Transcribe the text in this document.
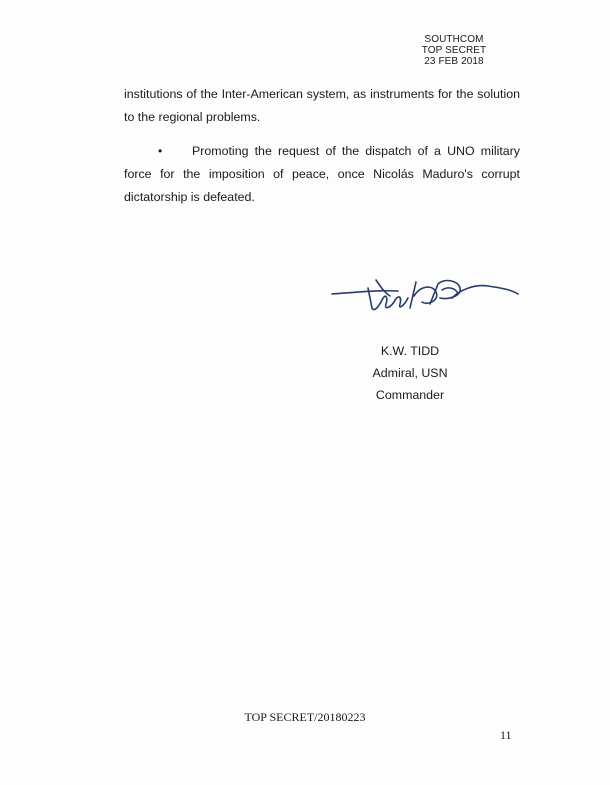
SOUTHCOM
TOP SECRET
23 FEB 2018
institutions of the Inter-American system, as instruments for the solution to the regional problems.
•	Promoting the request of the dispatch of a UNO military force for the imposition of peace, once Nicolás Maduro's corrupt dictatorship is defeated.
K.W. TIDD
Admiral, USN
Commander
TOP SECRET/20180223
11
